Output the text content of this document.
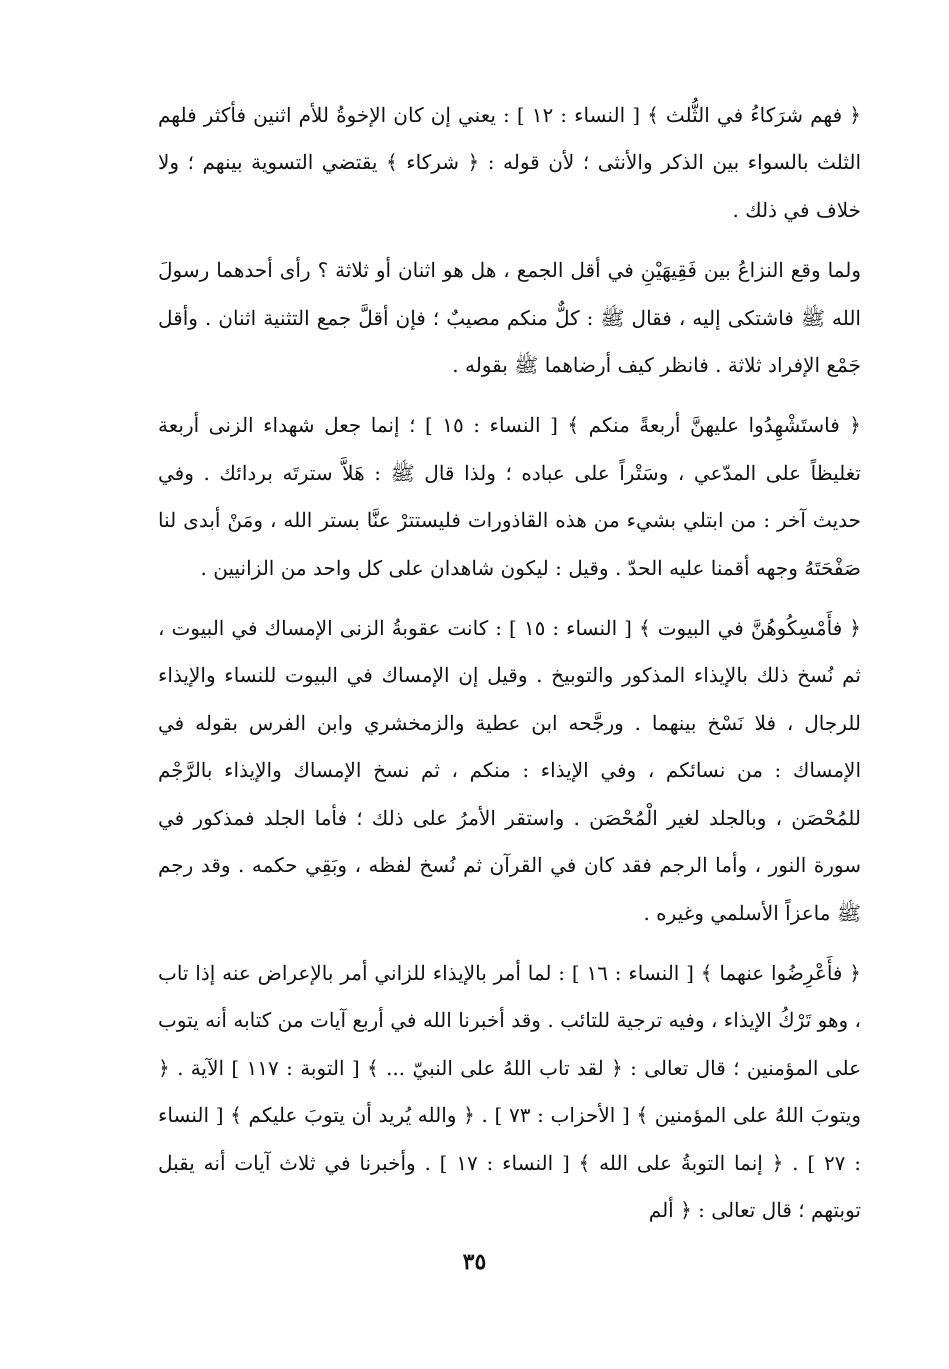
﴿ فهم شرَكاءُ في الثُّلث ﴾ [ النساء : ١٢ ] : يعني إن كان الإخوةُ للأم اثنين فأكثر فلهم الثلث بالسواء بين الذكر والأنثى ؛ لأن قوله : ﴿ شركاء ﴾ يقتضي التسوية بينهم ؛ ولا خلاف في ذلك .

ولما وقع النزاعُ بين فَقِيهَيْنِ في أقل الجمع ، هل هو اثنان أو ثلاثة ؟ رأى أحدهما رسولَ الله ﷺ فاشتكى إليه ، فقال ﷺ : كلٌّ منكم مصيبٌ ؛ فإن أقلَّ جمع التثنية اثنان . وأقل جَمْع الإفراد ثلاثة . فانظر كيف أرضاهما ﷺ بقوله .

﴿ فاستَشْهِدُوا عليهنَّ أربعةً منكم ﴾ [ النساء : ١٥ ] ؛ إنما جعل شهداء الزنى أربعة تغليظاً على المدّعي ، وسَتْراً على عباده ؛ ولذا قال ﷺ : هَلاَّ سترتَه بردائك . وفي حديث آخر : من ابتلي بشيء من هذه القاذورات فليستترْ عنَّا بستر الله ، ومَنْ أبدى لنا صَفْحَتَهُ وجهه أقمنا عليه الحدّ . وقيل : ليكون شاهدان على كل واحد من الزانيين .

﴿ فأَمْسِكُوهُنَّ في البيوت ﴾ [ النساء : ١٥ ] : كانت عقوبةُ الزنى الإمساك في البيوت ، ثم نُسخ ذلك بالإيذاء المذكور والتوبيخ . وقيل إن الإمساك في البيوت للنساء والإيذاء للرجال ، فلا نَسْخ بينهما . ورجَّحه ابن عطية والزمخشري وابن الفرس بقوله في الإمساك : من نسائكم ، وفي الإيذاء : منكم ، ثم نسخ الإمساك والإيذاء بالرَّجْم للمُحْصَن ، وبالجلد لغير الْمُحْصَن . واستقر الأمرُ على ذلك ؛ فأما الجلد فمذكور في سورة النور ، وأما الرجم فقد كان في القرآن ثم نُسخ لفظه ، وبَقِي حكمه . وقد رجم ﷺ ماعزاً الأسلمي وغيره .

﴿ فأَعْرِضُوا عنهما ﴾ [ النساء : ١٦ ] : لما أمر بالإيذاء للزاني أمر بالإعراض عنه إذا تاب ، وهو تَرْكُ الإيذاء ، وفيه ترجية للتائب . وقد أخبرنا الله في أربع آيات من كتابه أنه يتوب على المؤمنين ؛ قال تعالى : ﴿ لقد تاب اللهُ على النبيّ ... ﴾ [ التوبة : ١١٧ ] الآية . ﴿ ويتوبَ اللهُ على المؤمنين ﴾ [ الأحزاب : ٧٣ ] . ﴿ والله يُريد أن يتوبَ عليكم ﴾ [ النساء : ٢٧ ] . ﴿ إنما التوبةُ على الله ﴾ [ النساء : ١٧ ] . وأخبرنا في ثلاث آيات أنه يقبل توبتهم ؛ قال تعالى : ﴿ ألم

٣٥
